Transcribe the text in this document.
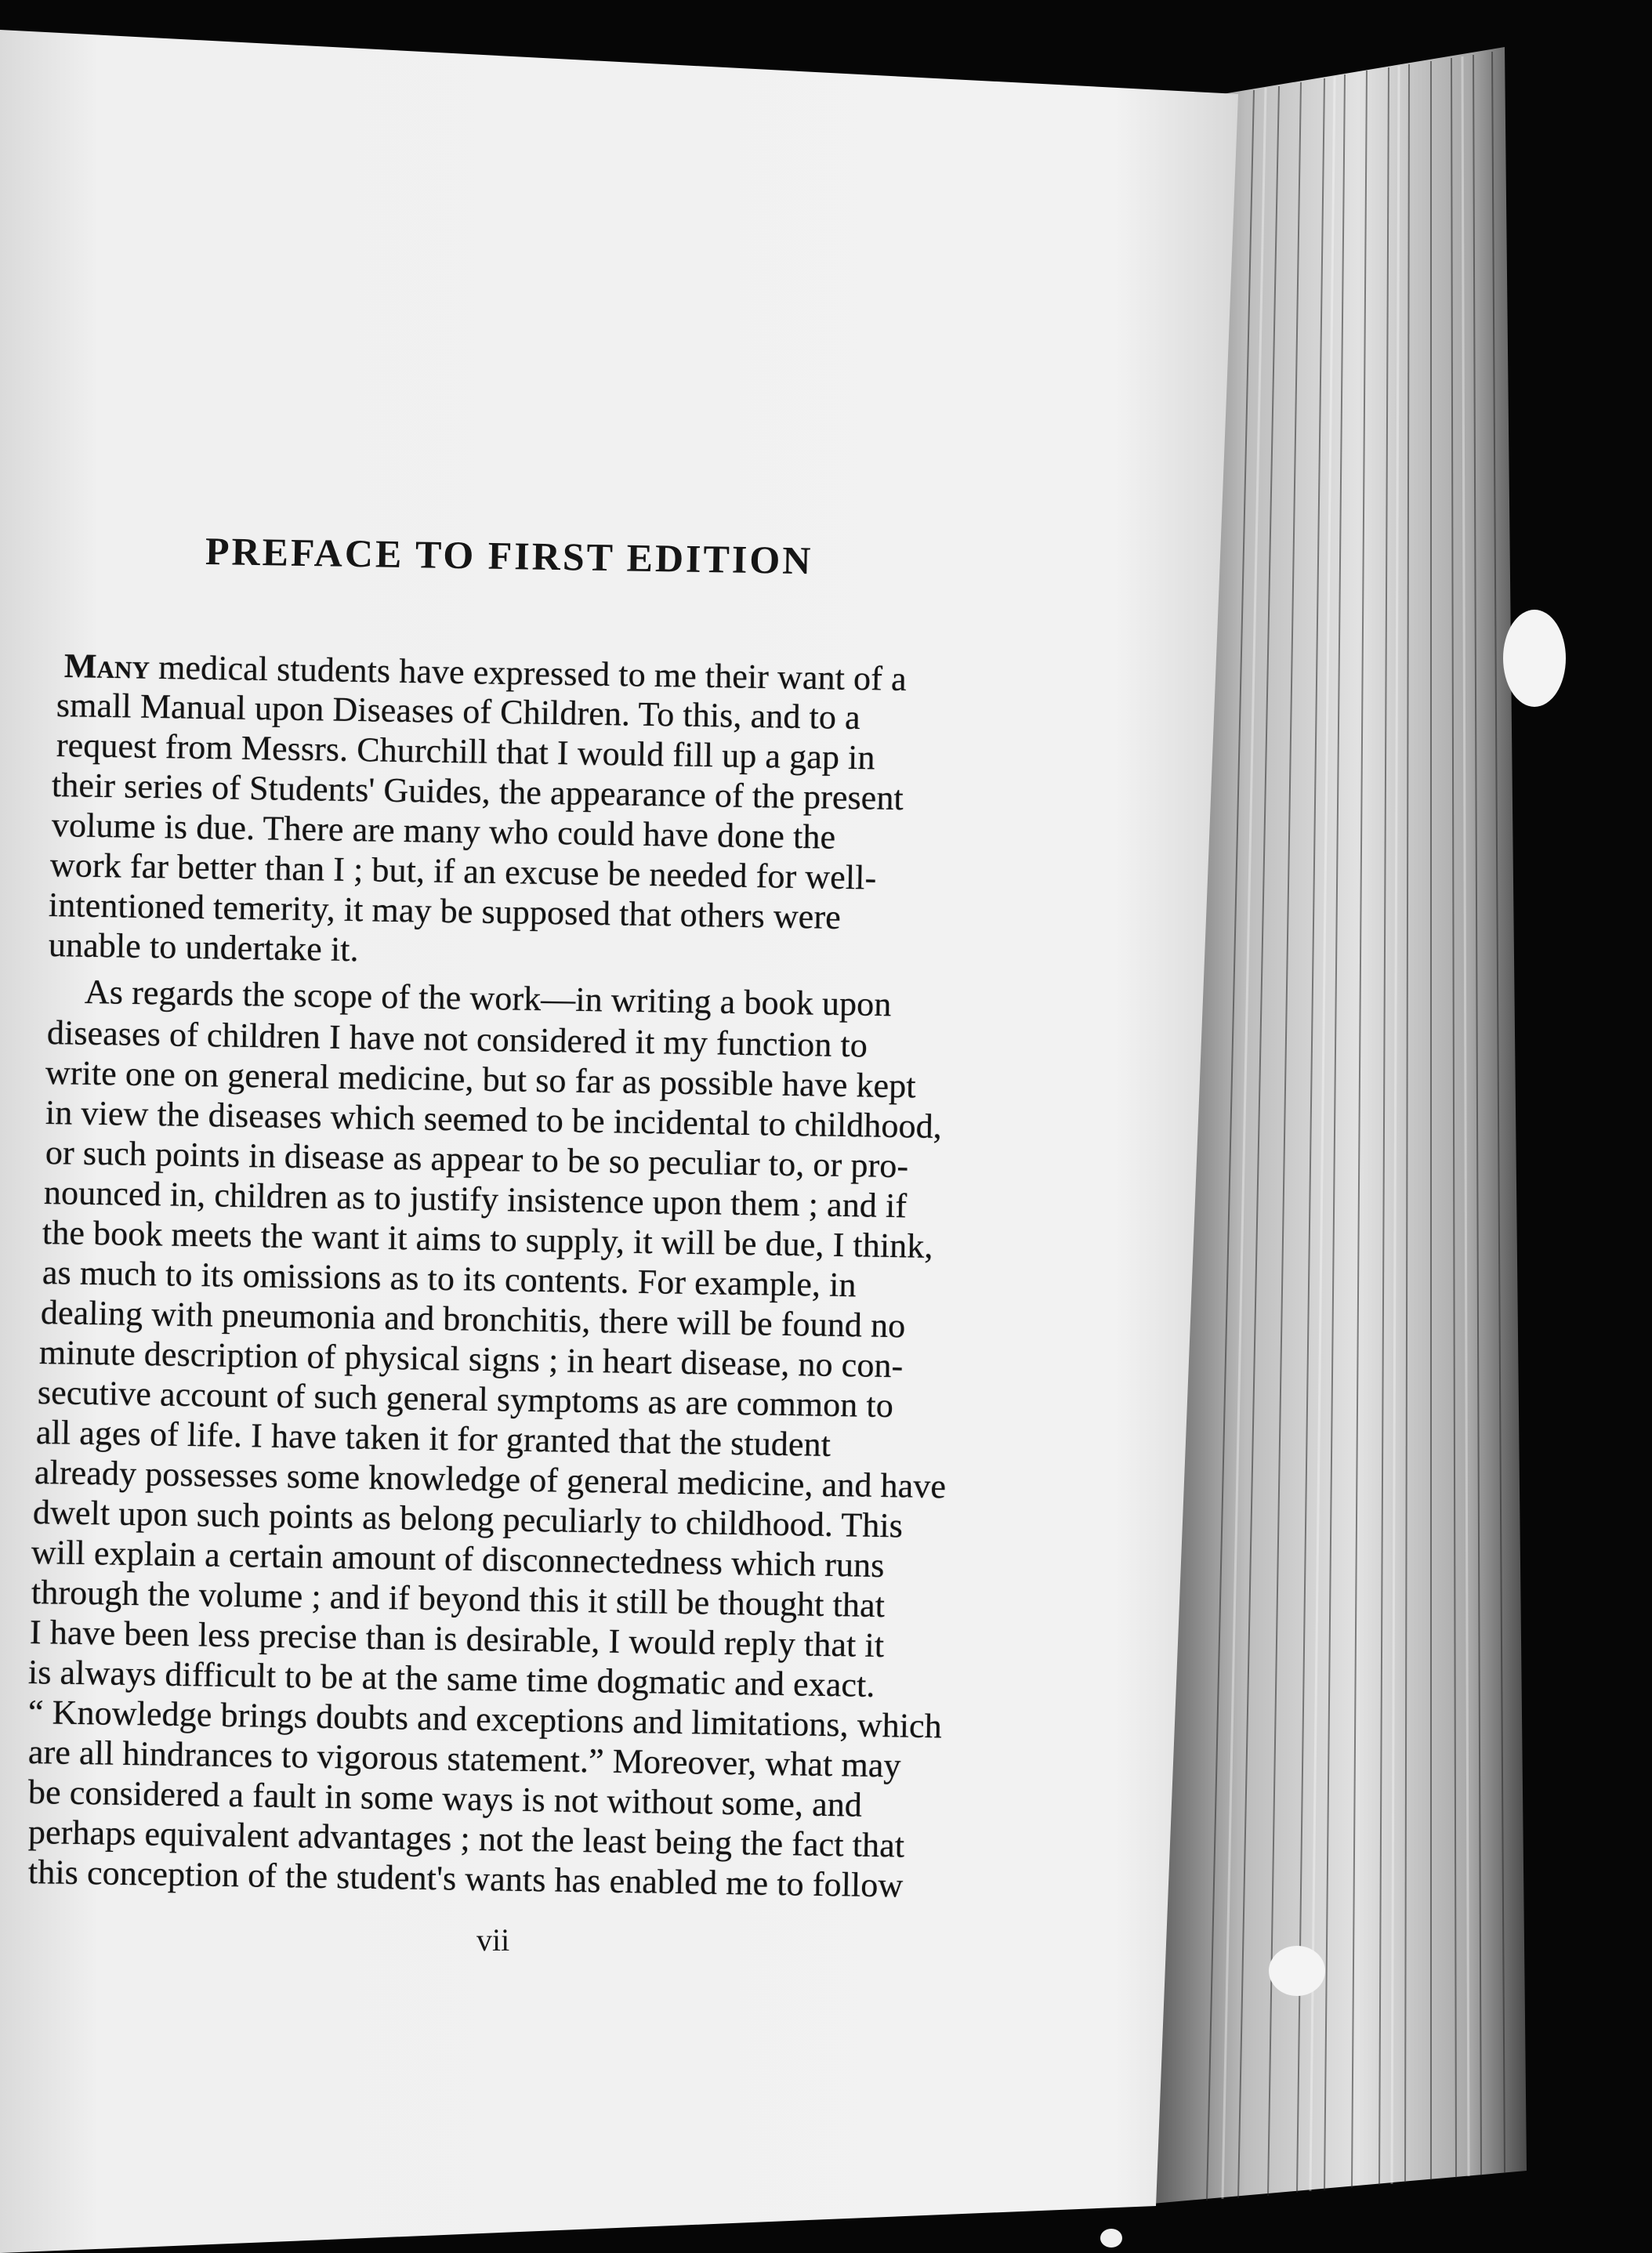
PREFACE TO FIRST EDITION

Many medical students have expressed to me their want of a

small Manual upon Diseases of Children. To this, and to a

request from Messrs. Churchill that I would fill up a gap in

their series of Students' Guides, the appearance of the present

volume is due. There are many who could have done the

work far better than I ; but, if an excuse be needed for well-

intentioned temerity, it may be supposed that others were

unable to undertake it.

As regards the scope of the work—in writing a book upon

diseases of children I have not considered it my function to

write one on general medicine, but so far as possible have kept

in view the diseases which seemed to be incidental to childhood,

or such points in disease as appear to be so peculiar to, or pro-

nounced in, children as to justify insistence upon them ; and if

the book meets the want it aims to supply, it will be due, I think,

as much to its omissions as to its contents. For example, in

dealing with pneumonia and bronchitis, there will be found no

minute description of physical signs ; in heart disease, no con-

secutive account of such general symptoms as are common to

all ages of life. I have taken it for granted that the student

already possesses some knowledge of general medicine, and have

dwelt upon such points as belong peculiarly to childhood. This

will explain a certain amount of disconnectedness which runs

through the volume ; and if beyond this it still be thought that

I have been less precise than is desirable, I would reply that it

is always difficult to be at the same time dogmatic and exact.

“ Knowledge brings doubts and exceptions and limitations, which

are all hindrances to vigorous statement.” Moreover, what may

be considered a fault in some ways is not without some, and

perhaps equivalent advantages ; not the least being the fact that

this conception of the student's wants has enabled me to follow

vii
